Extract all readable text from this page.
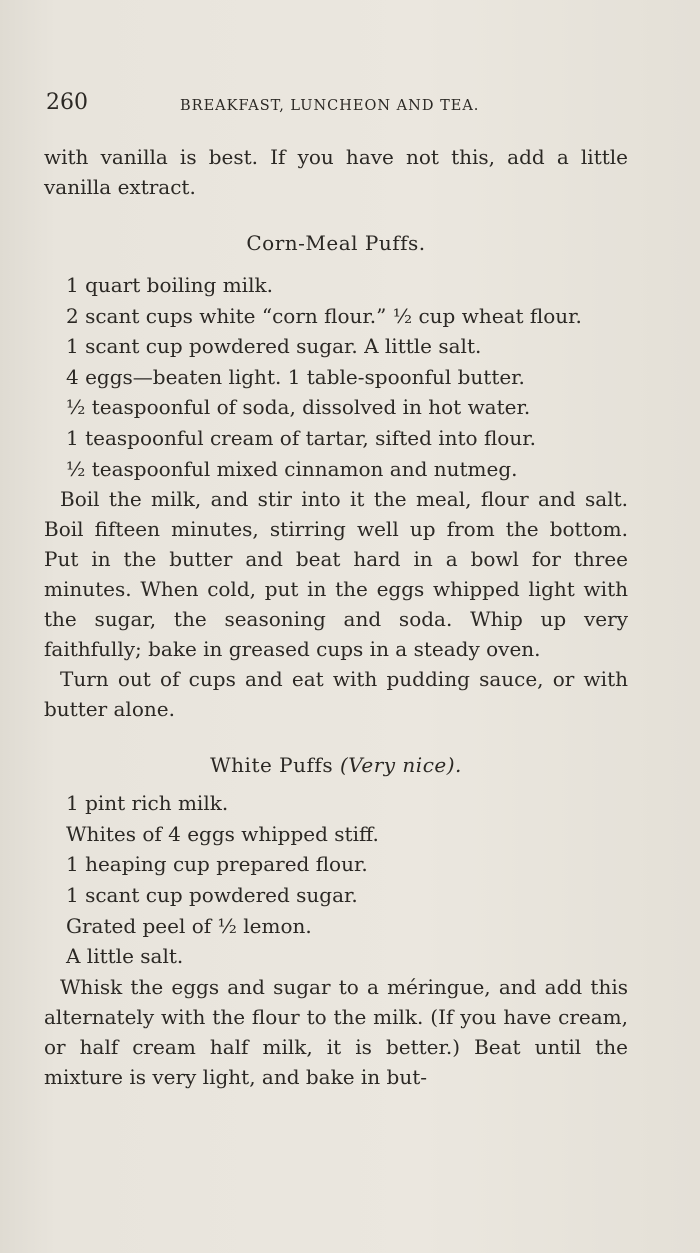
260	BREAKFAST, LUNCHEON AND TEA.

with vanilla is best. If you have not this, add a little vanilla extract.

Corn-Meal Puffs.
1 quart boiling milk.
2 scant cups white “corn flour.” ½ cup wheat flour.
1 scant cup powdered sugar. A little salt.
4 eggs—beaten light. 1 table-spoonful butter.
½ teaspoonful of soda, dissolved in hot water.
1 teaspoonful cream of tartar, sifted into flour.
½ teaspoonful mixed cinnamon and nutmeg.

Boil the milk, and stir into it the meal, flour and salt. Boil fifteen minutes, stirring well up from the bottom. Put in the butter and beat hard in a bowl for three minutes. When cold, put in the eggs whipped light with the sugar, the seasoning and soda. Whip up very faithfully; bake in greased cups in a steady oven.

Turn out of cups and eat with pudding sauce, or with butter alone.

White Puffs (Very nice).
1 pint rich milk.
Whites of 4 eggs whipped stiff.
1 heaping cup prepared flour.
1 scant cup powdered sugar.
Grated peel of ½ lemon.
A little salt.

Whisk the eggs and sugar to a méringue, and add this alternately with the flour to the milk. (If you have cream, or half cream half milk, it is better.) Beat until the mixture is very light, and bake in but-
